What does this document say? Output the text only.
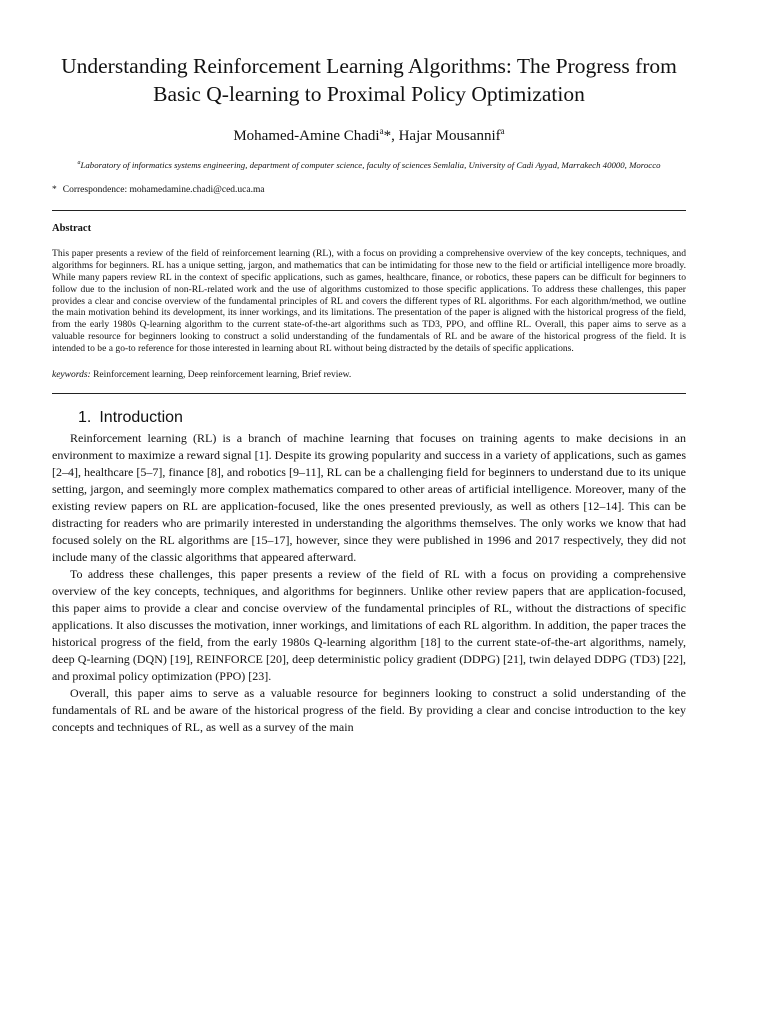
Understanding Reinforcement Learning Algorithms: The Progress from Basic Q-learning to Proximal Policy Optimization
Mohamed-Amine Chadi$^a$*, Hajar Mousannif$^a$
$^a$Laboratory of informatics systems engineering, department of computer science, faculty of sciences Semlalia, University of Cadi Ayyad, Marrakech 40000, Morocco
* Correspondence: mohamedamine.chadi@ced.uca.ma
Abstract

This paper presents a review of the field of reinforcement learning (RL), with a focus on providing a comprehensive overview of the key concepts, techniques, and algorithms for beginners. RL has a unique setting, jargon, and mathematics that can be intimidating for those new to the field or artificial intelligence more broadly. While many papers review RL in the context of specific applications, such as games, healthcare, finance, or robotics, these papers can be difficult for beginners to follow due to the inclusion of non-RL-related work and the use of algorithms customized to those specific applications. To address these challenges, this paper provides a clear and concise overview of the fundamental principles of RL and covers the different types of RL algorithms. For each algorithm/method, we outline the main motivation behind its development, its inner workings, and its limitations. The presentation of the paper is aligned with the historical progress of the field, from the early 1980s Q-learning algorithm to the current state-of-the-art algorithms such as TD3, PPO, and offline RL. Overall, this paper aims to serve as a valuable resource for beginners looking to construct a solid understanding of the fundamentals of RL and be aware of the historical progress of the field. It is intended to be a go-to reference for those interested in learning about RL without being distracted by the details of specific applications.

keywords: Reinforcement learning, Deep reinforcement learning, Brief review.
1. Introduction

Reinforcement learning (RL) is a branch of machine learning that focuses on training agents to make decisions in an environment to maximize a reward signal [1]. Despite its growing popularity and success in a variety of applications, such as games [2–4], healthcare [5–7], finance [8], and robotics [9–11], RL can be a challenging field for beginners to understand due to its unique setting, jargon, and seemingly more complex mathematics compared to other areas of artificial intelligence. Moreover, many of the existing review papers on RL are application-focused, like the ones presented previously, as well as others [12–14]. This can be distracting for readers who are primarily interested in understanding the algorithms themselves. The only works we know that had focused solely on the RL algorithms are [15–17], however, since they were published in 1996 and 2017 respectively, they did not include many of the classic algorithms that appeared afterward.

To address these challenges, this paper presents a review of the field of RL with a focus on providing a comprehensive overview of the key concepts, techniques, and algorithms for beginners. Unlike other review papers that are application-focused, this paper aims to provide a clear and concise overview of the fundamental principles of RL, without the distractions of specific applications. It also discusses the motivation, inner workings, and limitations of each RL algorithm. In addition, the paper traces the historical progress of the field, from the early 1980s Q-learning algorithm [18] to the current state-of-the-art algorithms, namely, deep Q-learning (DQN) [19], REINFORCE [20], deep deterministic policy gradient (DDPG) [21], twin delayed DDPG (TD3) [22], and proximal policy optimization (PPO) [23].

Overall, this paper aims to serve as a valuable resource for beginners looking to construct a solid understanding of the fundamentals of RL and be aware of the historical progress of the field. By providing a clear and concise introduction to the key concepts and techniques of RL, as well as a survey of the main
